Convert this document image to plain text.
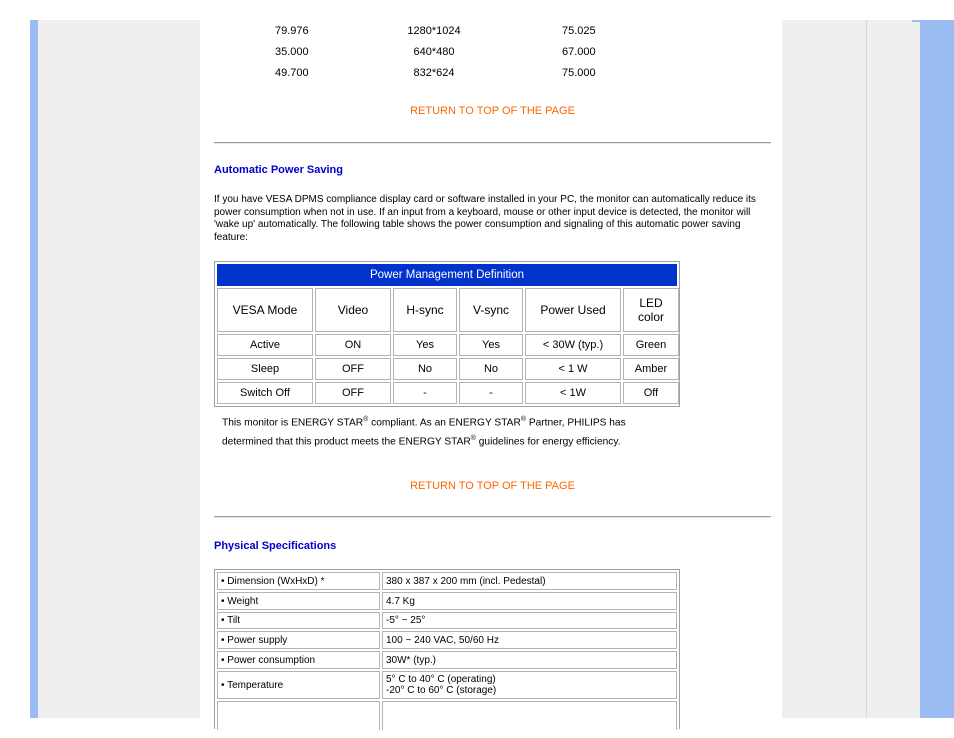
79.976	1280*1024	75.025
35.000	640*480	67.000
49.700	832*624	75.000
RETURN TO TOP OF THE PAGE
Automatic Power Saving
If you have VESA DPMS compliance display card or software installed in your PC, the monitor can automatically reduce its power consumption when not in use. If an input from a keyboard, mouse or other input device is detected, the monitor will 'wake up' automatically. The following table shows the power consumption and signaling of this automatic power saving feature:
Power Management Definition
VESA Mode	Video	H-sync	V-sync	Power Used	LED color
Active	ON	Yes	Yes	< 30W (typ.)	Green
Sleep	OFF	No	No	< 1 W	Amber
Switch Off	OFF	-	-	< 1W	Off
This monitor is ENERGY STAR® compliant. As an ENERGY STAR® Partner, PHILIPS has determined that this product meets the ENERGY STAR® guidelines for energy efficiency.
RETURN TO TOP OF THE PAGE
Physical Specifications
• Dimension (WxHxD) *	380 x 387 x 200 mm (incl. Pedestal)
• Weight	4.7 Kg
• Tilt	-5° ~ 25°
• Power supply	100 ~ 240 VAC, 50/60 Hz
• Power consumption	30W* (typ.)
• Temperature	5° C to 40° C (operating)
-20° C to 60° C (storage)
